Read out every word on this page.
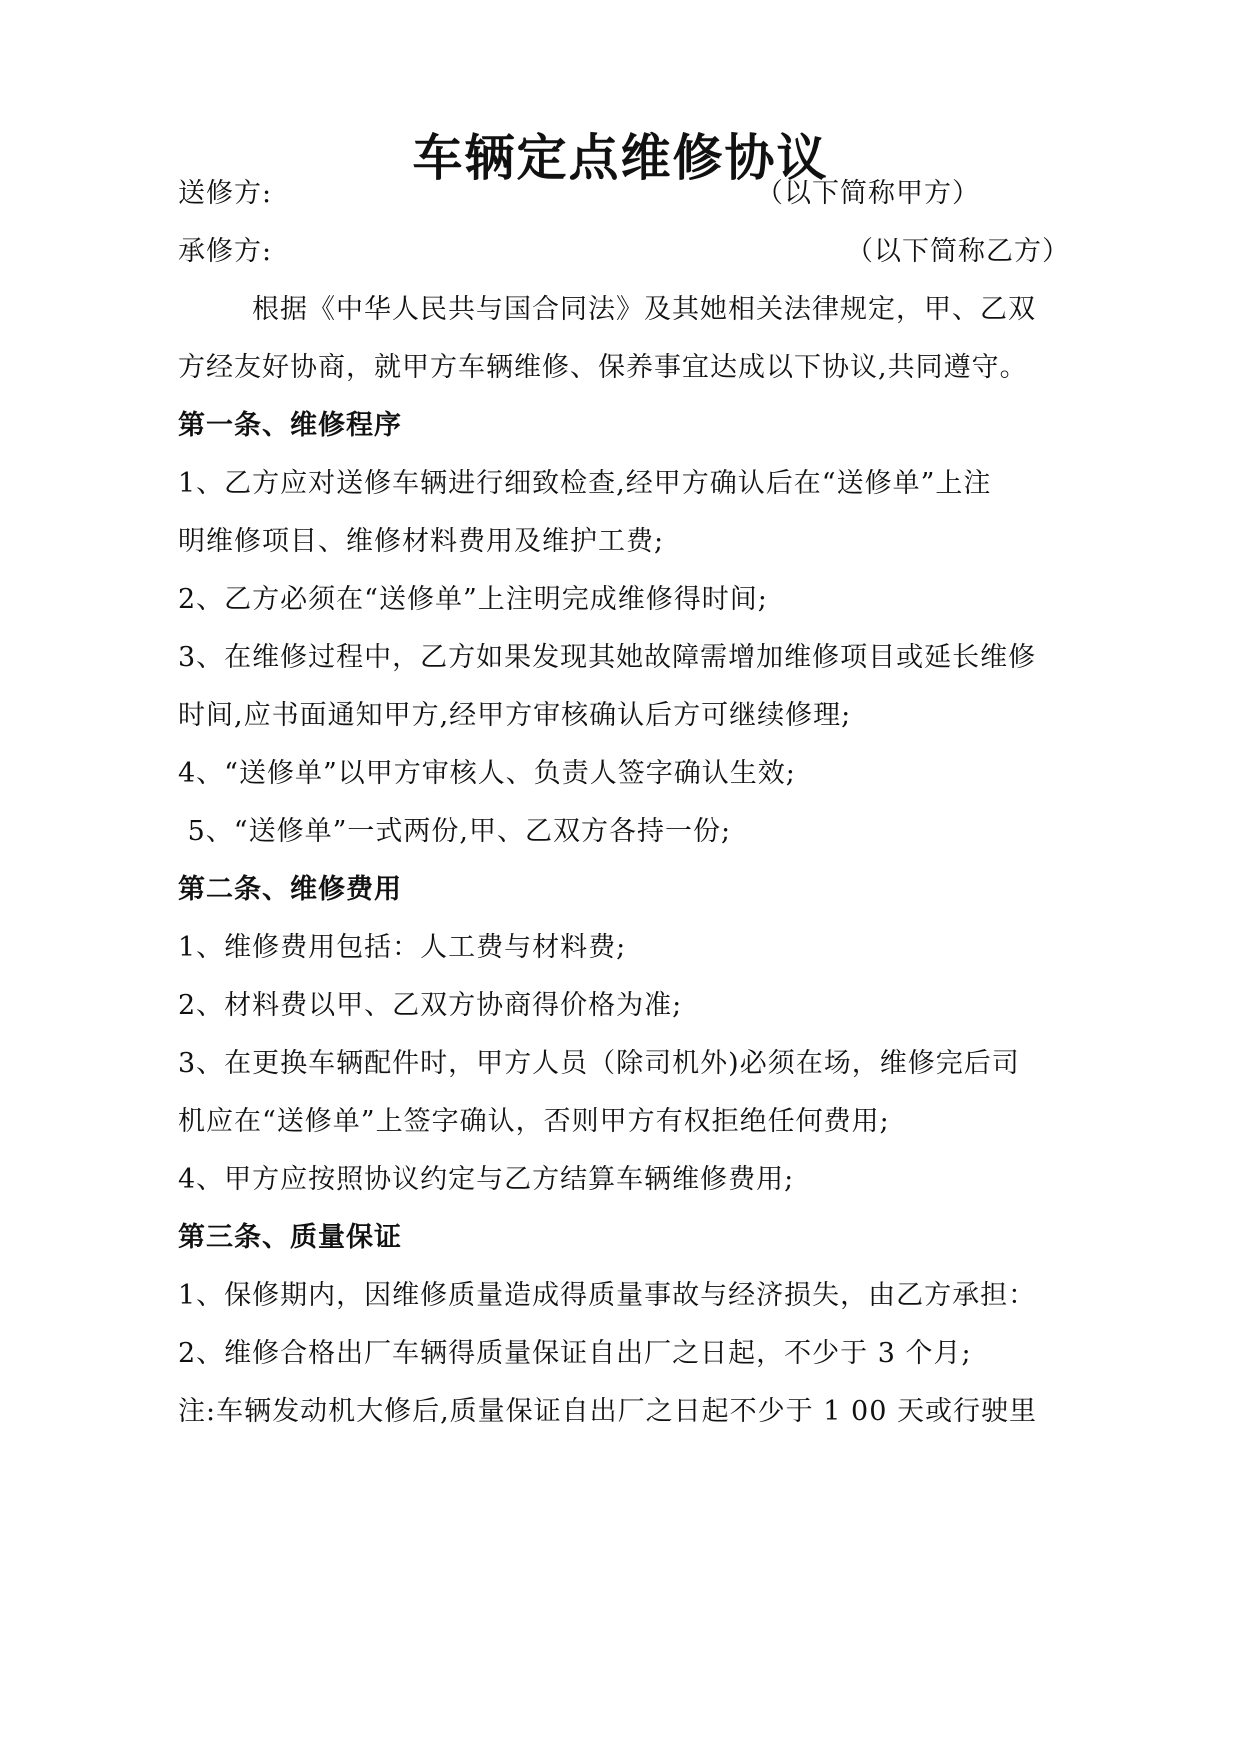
车辆定点维修协议
送修方:	（以下简称甲方）
承修方:	（以下简称乙方）
根据《中华人民共与国合同法》及其她相关法律规定，甲、乙双
方经友好协商，就甲方车辆维修、保养事宜达成以下协议,共同遵守。
第一条、维修程序
1、乙方应对送修车辆进行细致检查,经甲方确认后在“送修单”上注
明维修项目、维修材料费用及维护工费;
2、乙方必须在“送修单”上注明完成维修得时间;
3、在维修过程中，乙方如果发现其她故障需增加维修项目或延长维修
时间,应书面通知甲方,经甲方审核确认后方可继续修理;
4、“送修单”以甲方审核人、负责人签字确认生效;
5、“送修单”一式两份,甲、乙双方各持一份;
第二条、维修费用
1、维修费用包括：人工费与材料费;
2、材料费以甲、乙双方协商得价格为准;
3、在更换车辆配件时，甲方人员（除司机外)必须在场，维修完后司
机应在“送修单”上签字确认，否则甲方有权拒绝任何费用;
4、甲方应按照协议约定与乙方结算车辆维修费用;
第三条、质量保证
1、保修期内，因维修质量造成得质量事故与经济损失，由乙方承担：
2、维修合格出厂车辆得质量保证自出厂之日起，不少于 3 个月;
注:车辆发动机大修后,质量保证自出厂之日起不少于 1 00 天或行驶里
